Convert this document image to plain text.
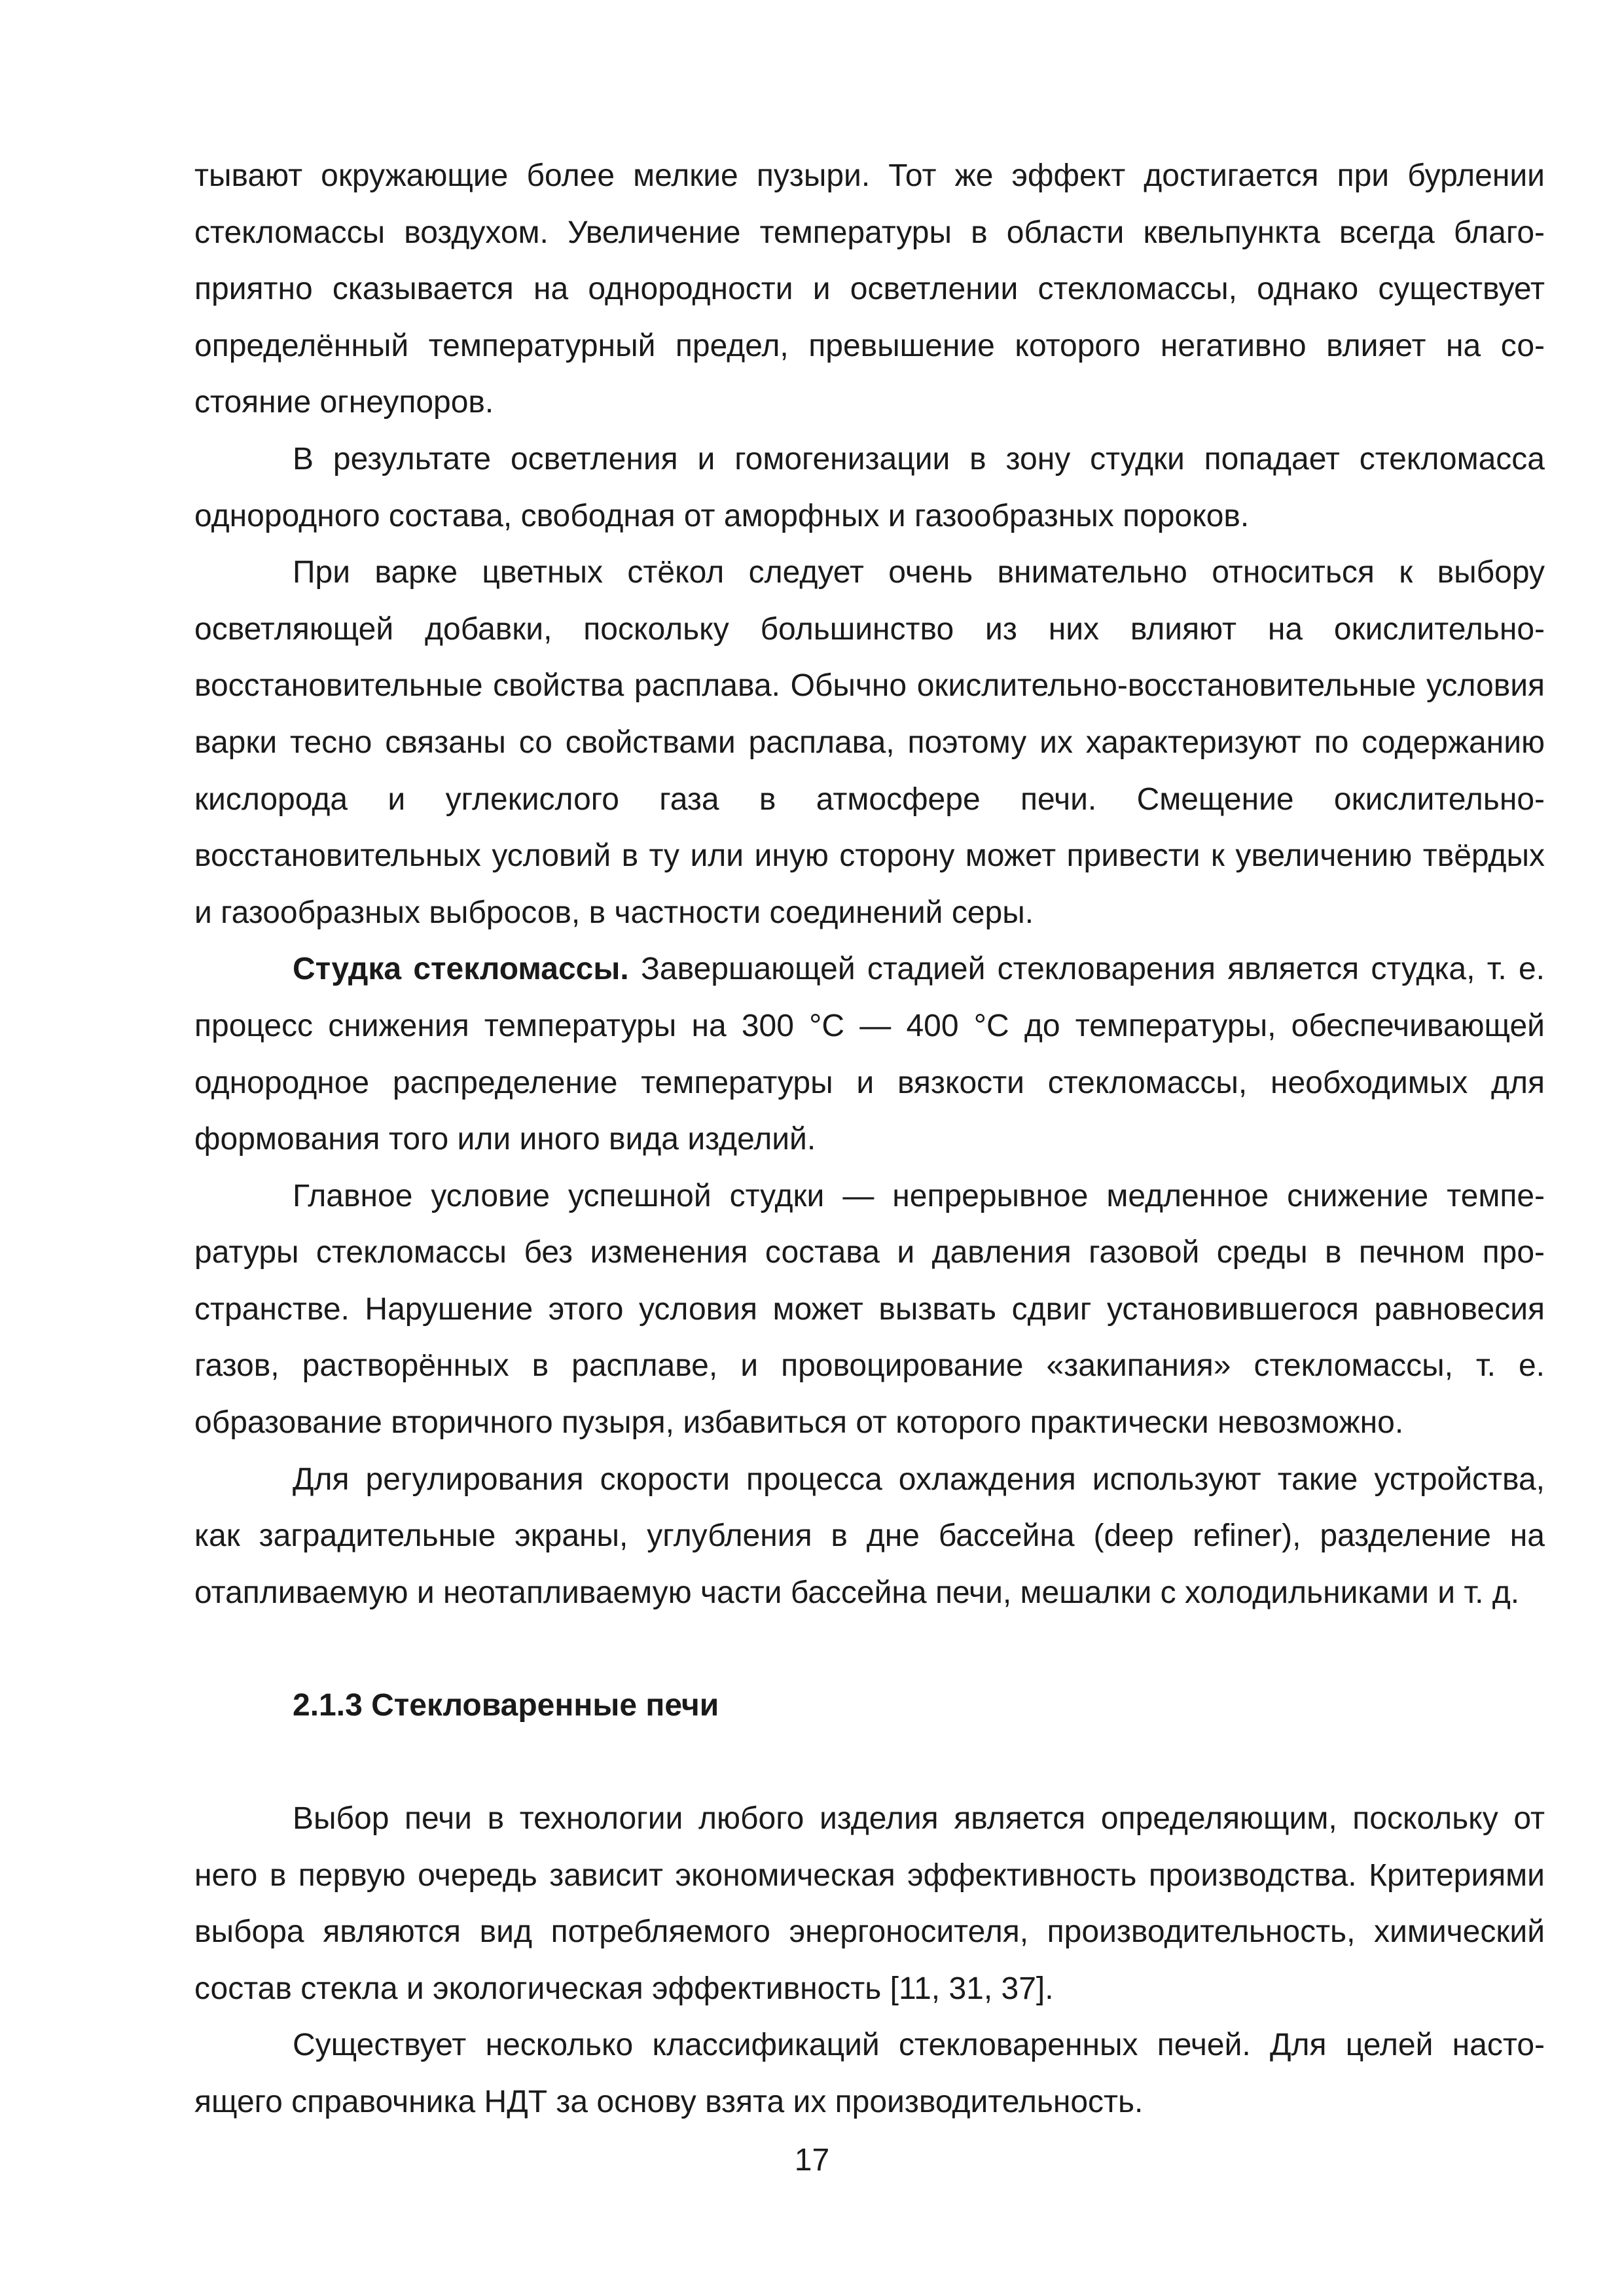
тывают окружающие более мелкие пузыри. Тот же эффект достигается при бурлении стекломассы воздухом. Увеличение температуры в области квельпункта всегда благоприятно сказывается на однородности и осветлении стекломассы, однако существует определённый температурный предел, превышение которого негативно влияет на состояние огнеупоров.

В результате осветления и гомогенизации в зону студки попадает стекломасса однородного состава, свободная от аморфных и газообразных пороков.

При варке цветных стёкол следует очень внимательно относиться к выбору осветляющей добавки, поскольку большинство из них влияют на окислительно-восстановительные свойства расплава. Обычно окислительно-восстановительные условия варки тесно связаны со свойствами расплава, поэтому их характеризуют по содержанию кислорода и углекислого газа в атмосфере печи. Смещение окислительно-восстановительных условий в ту или иную сторону может привести к увеличению твёрдых и газообразных выбросов, в частности соединений серы.

Студка стекломассы. Завершающей стадией стекловарения является студка, т. е. процесс снижения температуры на 300 °C — 400 °C до температуры, обеспечивающей однородное распределение температуры и вязкости стекломассы, необходимых для формования того или иного вида изделий.

Главное условие успешной студки — непрерывное медленное снижение температуры стекломассы без изменения состава и давления газовой среды в печном пространстве. Нарушение этого условия может вызвать сдвиг установившегося равновесия газов, растворённых в расплаве, и провоцирование «закипания» стекломассы, т. е. образование вторичного пузыря, избавиться от которого практически невозможно.

Для регулирования скорости процесса охлаждения используют такие устройства, как заградительные экраны, углубления в дне бассейна (deep refiner), разделение на отапливаемую и неотапливаемую части бассейна печи, мешалки с холодильниками и т. д.

2.1.3 Стекловаренные печи

Выбор печи в технологии любого изделия является определяющим, поскольку от него в первую очередь зависит экономическая эффективность производства. Критериями выбора являются вид потребляемого энергоносителя, производительность, химический состав стекла и экологическая эффективность [11, 31, 37].

Существует несколько классификаций стекловаренных печей. Для целей настоящего справочника НДТ за основу взята их производительность.

17
